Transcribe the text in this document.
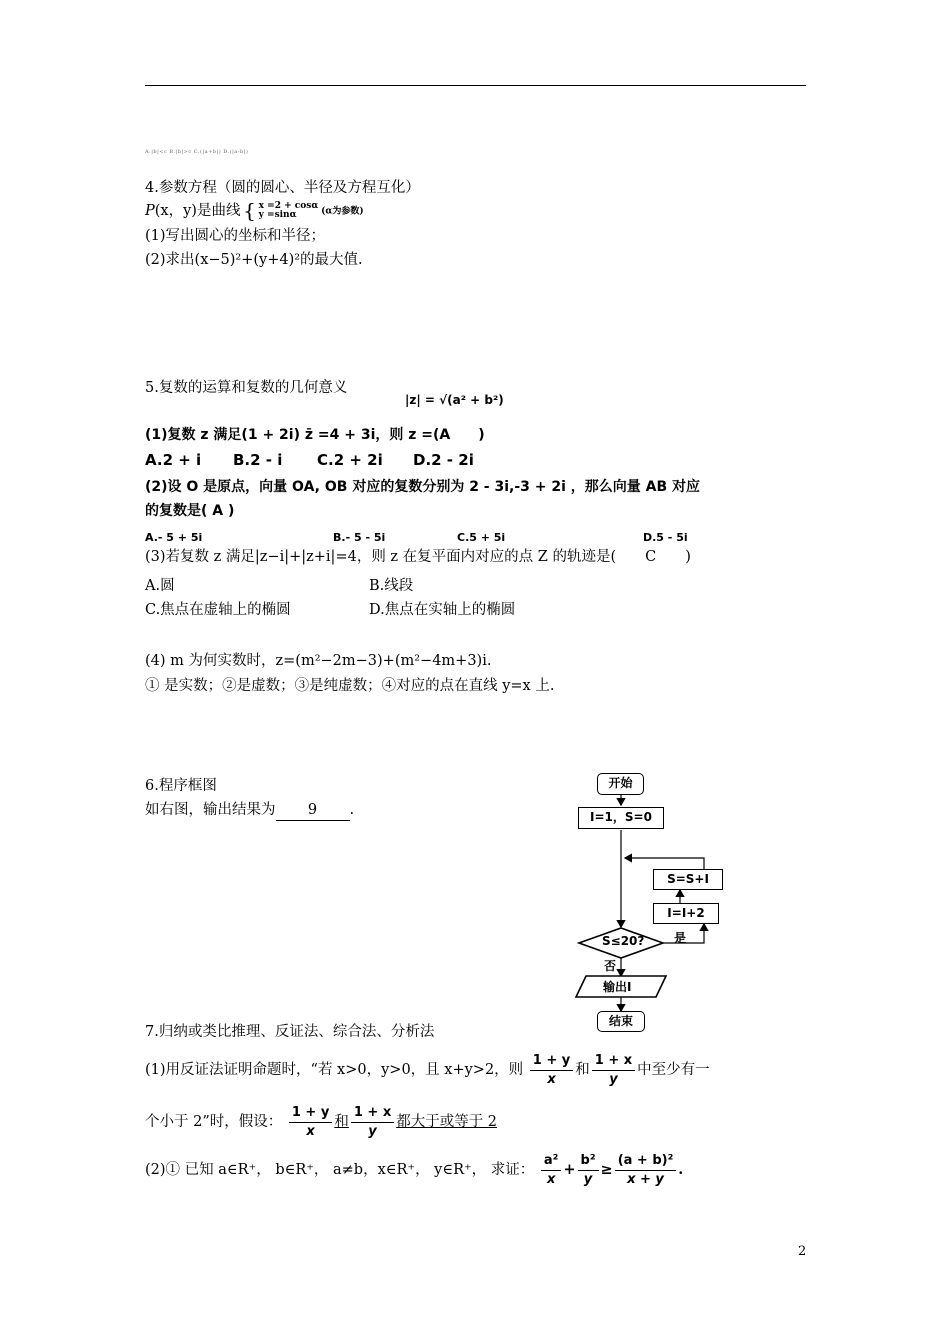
A.|b|<c B.|b|>c C.(|a+b|) D.(|a-b|)
4.参数方程（圆的圆心、半径及方程互化）
P(x，y)是曲线 { x =2 + cosα
y =sinα	(α为参数)
(1)写出圆心的坐标和半径；
(2)求出(x−5)²+(y+4)²的最大值.
5.复数的运算和复数的几何意义
|z| = √(a² + b²)
(1)复数 z 满足(1 + 2i) z̄ =4 + 3i，则 z =(A　　)
A.2 + i B.2 - i C.2 + 2i D.2 - 2i
(2)设 O 是原点，向量 OA, OB 对应的复数分别为 2 - 3i,-3 + 2i ，那么向量 AB 对应
的复数是( A )
A.- 5 + 5i	B.- 5 - 5i	C.5 + 5i	D.5 - 5i
(3)若复数 z 满足|z−i|+|z+i|=4，则 z 在复平面内对应的点 Z 的轨迹是(　　C　　)
A.圆	B.线段
C.焦点在虚轴上的椭圆	D.焦点在实轴上的椭圆
(4) m 为何实数时，z=(m²−2m−3)+(m²−4m+3)i.
① 是实数；②是虚数；③是纯虚数；④对应的点在直线 y=x 上.
6.程序框图
如右图，输出结果为 9 .
开始
I=1，S=0
S=S+I
I=I+2
S≤20? 是
否
输出I
结束
7.归纳或类比推理、反证法、综合法、分析法
(1)用反证法证明命题时，“若 x>0，y>0，且 x+y>2，则 $\frac{1 + y}{x}$ 和 $\frac{1 + x}{y}$ 中至少有一
个小于 2”时，假设： $\frac{1 + y}{x}$ 和 $\frac{1 + x}{y}$ 都大于或等于 2
(2)① 已知 a∈R⁺， b∈R⁺， a≠b，x∈R⁺， y∈R⁺， 求证： $\frac{\text{a²}}{x} + \frac{\text{b²}}{y} \ge \frac{\text{(a + b)²}}{x + y}$ .
2
